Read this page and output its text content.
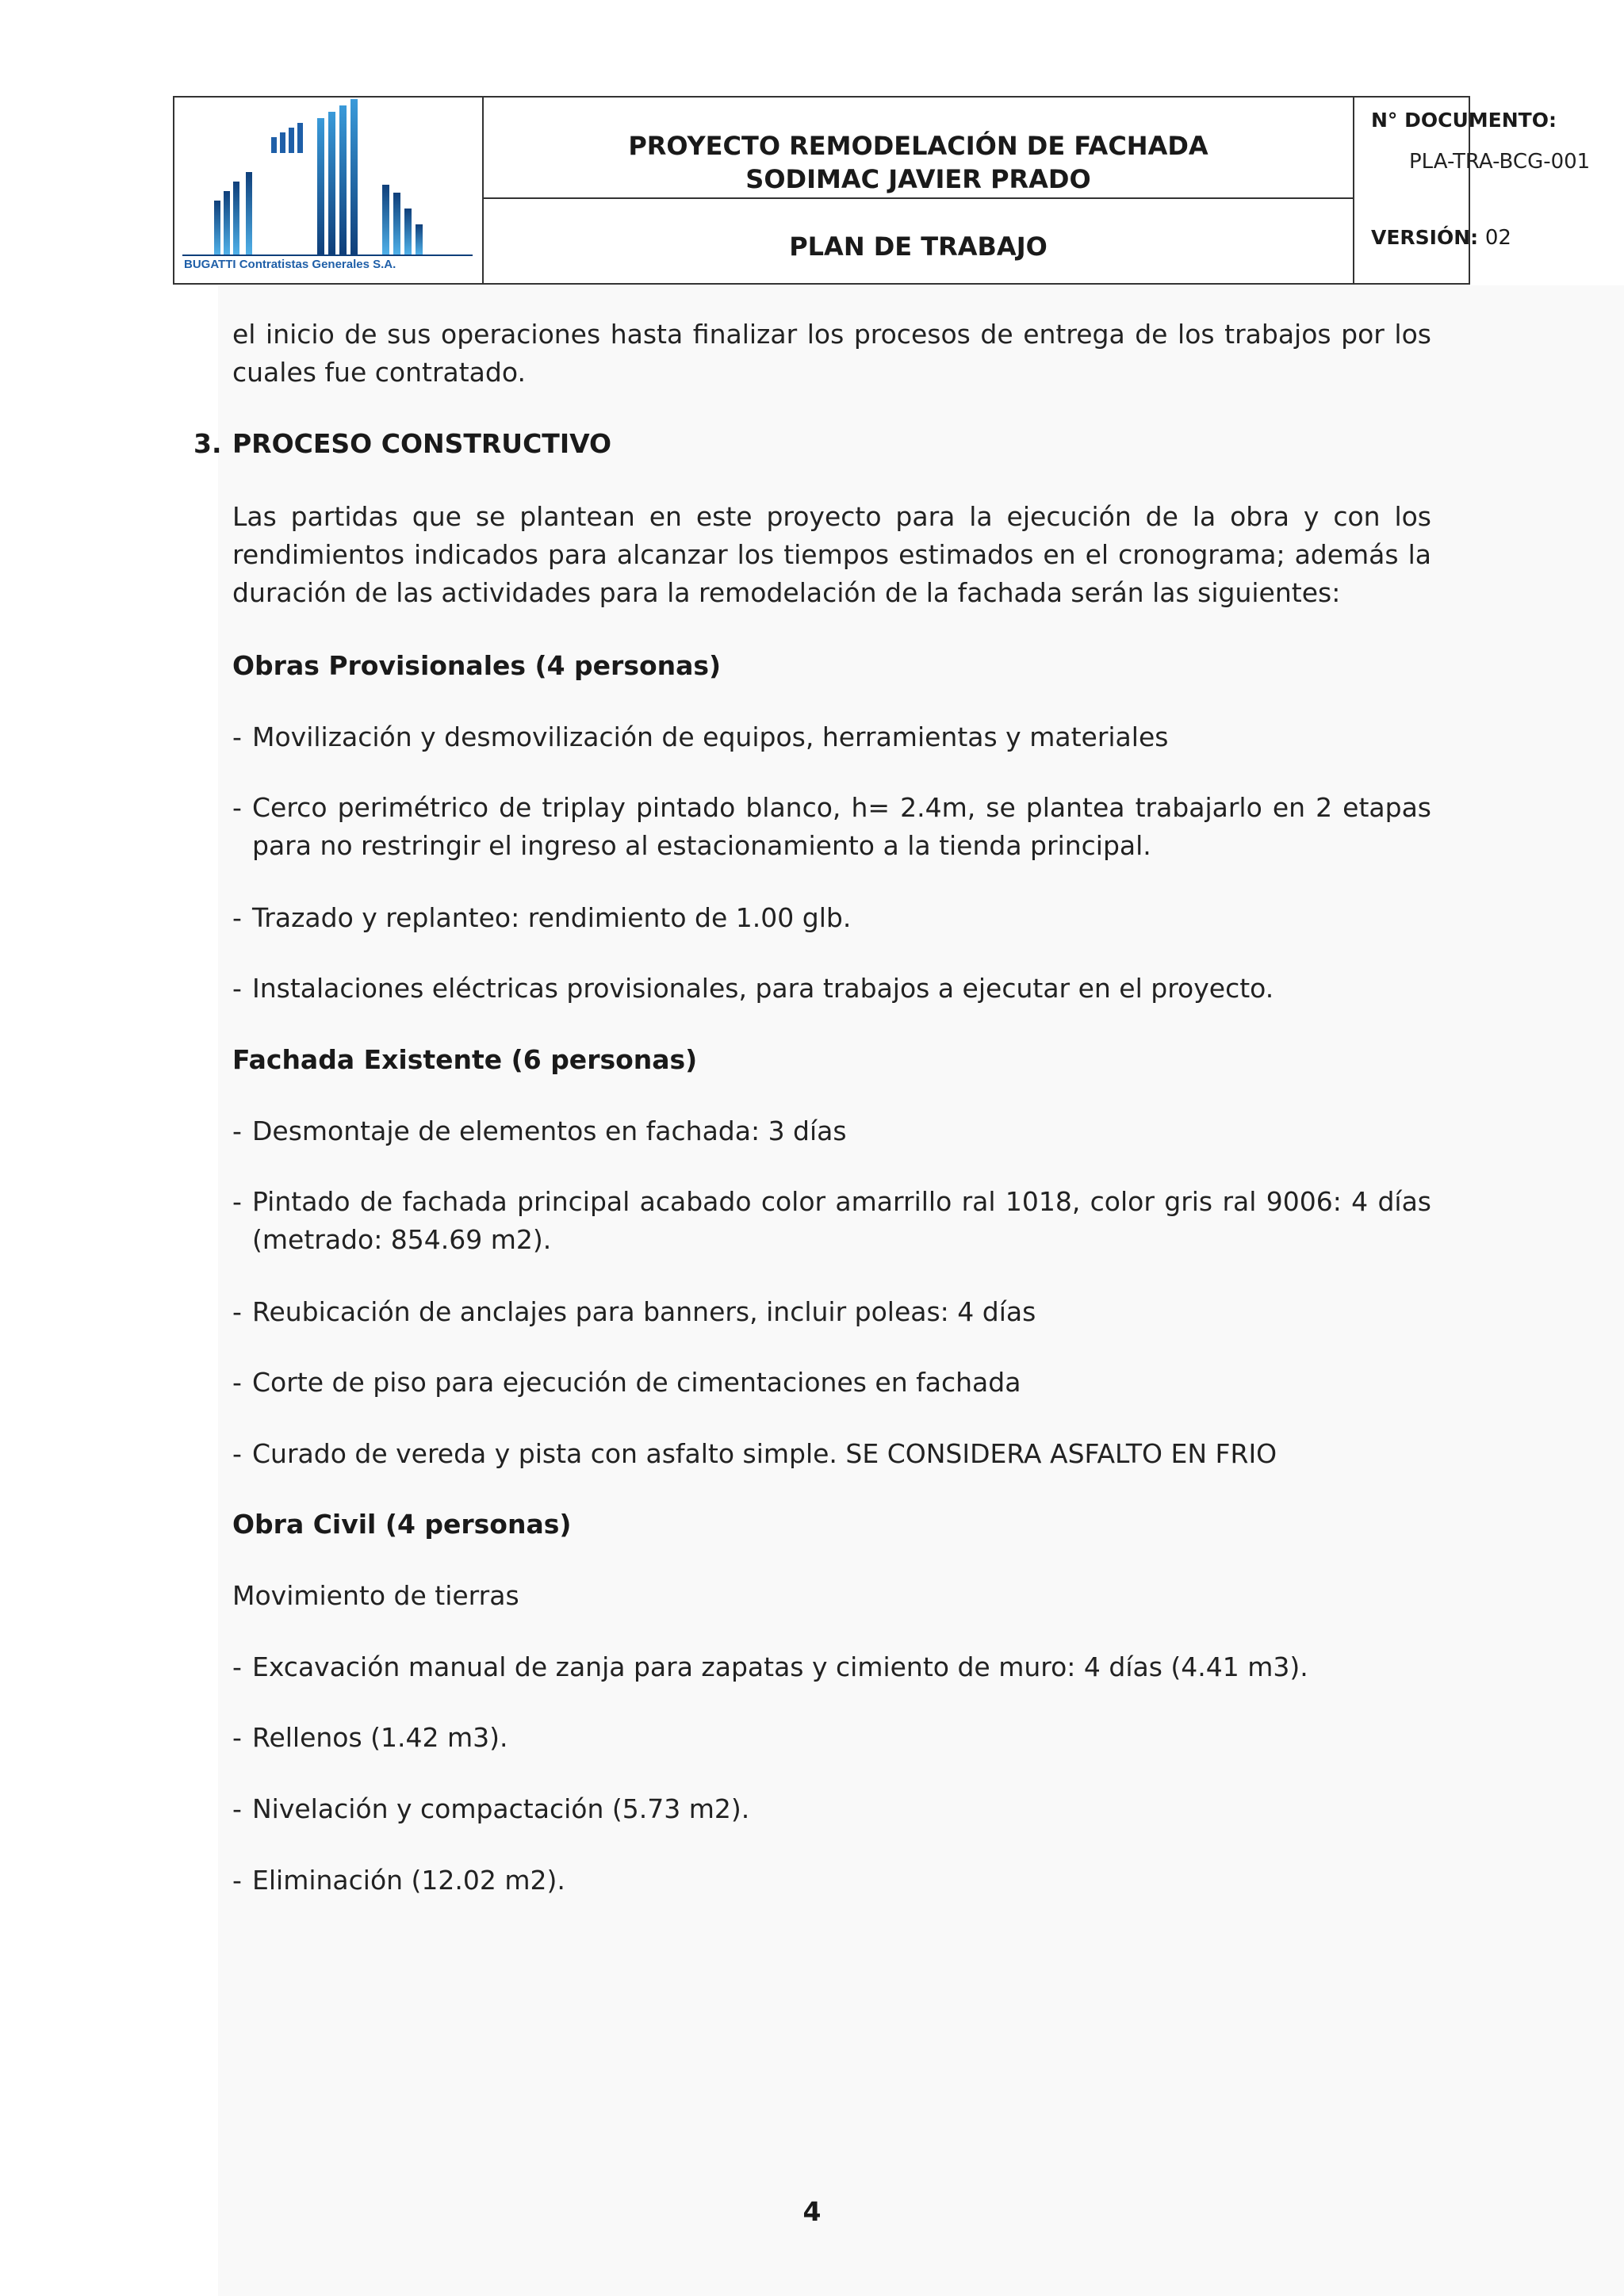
BUGATTI Contratistas Generales S.A.
PROYECTO REMODELACIÓN DE FACHADA
SODIMAC JAVIER PRADO
PLAN DE TRABAJO
N° DOCUMENTO:
PLA-TRA-BCG-001
VERSIÓN: 02

el inicio de sus operaciones hasta finalizar los procesos de entrega de los trabajos por los cuales fue contratado.

3. PROCESO CONSTRUCTIVO

Las partidas que se plantean en este proyecto para la ejecución de la obra y con los rendimientos indicados para alcanzar los tiempos estimados en el cronograma; además la duración de las actividades para la remodelación de la fachada serán las siguientes:

Obras Provisionales (4 personas)
- Movilización y desmovilización de equipos, herramientas y materiales
- Cerco perimétrico de triplay pintado blanco, h= 2.4m, se plantea trabajarlo en 2 etapas para no restringir el ingreso al estacionamiento a la tienda principal.
- Trazado y replanteo: rendimiento de 1.00 glb.
- Instalaciones eléctricas provisionales, para trabajos a ejecutar en el proyecto.
Fachada Existente (6 personas)
- Desmontaje de elementos en fachada: 3 días
- Pintado de fachada principal acabado color amarrillo ral 1018, color gris ral 9006: 4 días (metrado: 854.69 m2).
- Reubicación de anclajes para banners, incluir poleas: 4 días
- Corte de piso para ejecución de cimentaciones en fachada
- Curado de vereda y pista con asfalto simple. SE CONSIDERA ASFALTO EN FRIO
Obra Civil (4 personas)
Movimiento de tierras
- Excavación manual de zanja para zapatas y cimiento de muro: 4 días (4.41 m3).
- Rellenos (1.42 m3).
- Nivelación y compactación (5.73 m2).
- Eliminación (12.02 m2).
4
